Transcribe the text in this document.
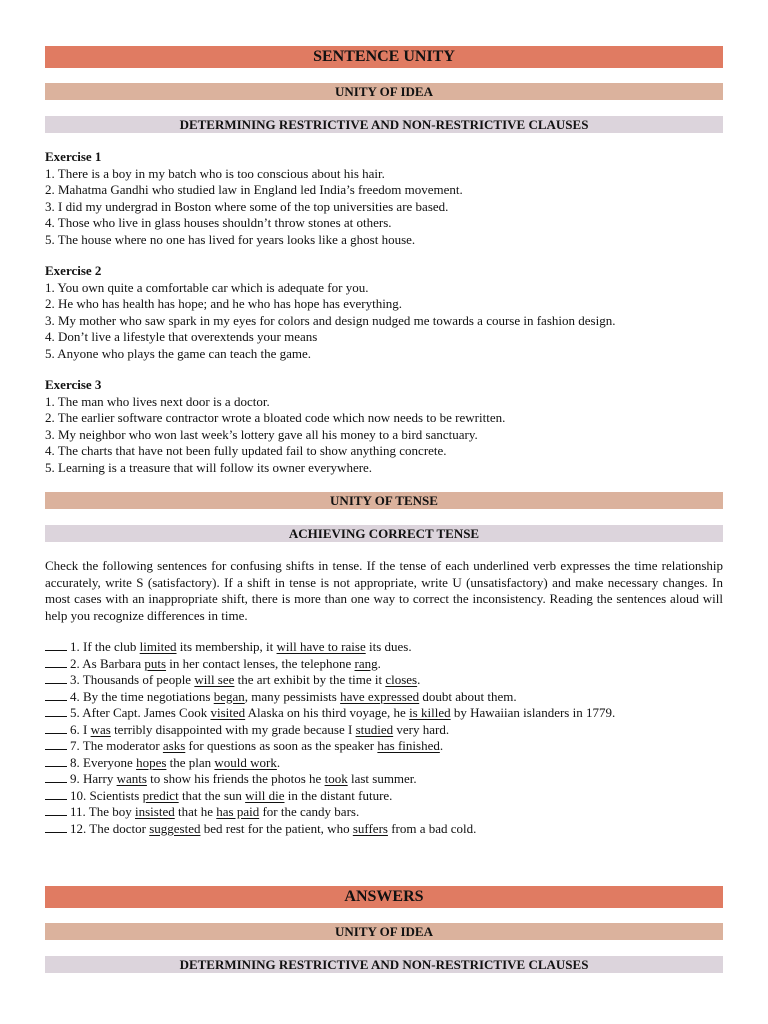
SENTENCE UNITY
UNITY OF IDEA
DETERMINING RESTRICTIVE AND NON-RESTRICTIVE CLAUSES
Exercise 1
1. There is a boy in my batch who is too conscious about his hair.
2. Mahatma Gandhi who studied law in England led India’s freedom movement.
3. I did my undergrad in Boston where some of the top universities are based.
4. Those who live in glass houses shouldn’t throw stones at others.
5. The house where no one has lived for years looks like a ghost house.
Exercise 2
1. You own quite a comfortable car which is adequate for you.
2. He who has health has hope; and he who has hope has everything.
3. My mother who saw spark in my eyes for colors and design nudged me towards a course in fashion design.
4. Don’t live a lifestyle that overextends your means
5. Anyone who plays the game can teach the game.
Exercise 3
1. The man who lives next door is a doctor.
2. The earlier software contractor wrote a bloated code which now needs to be rewritten.
3. My neighbor who won last week’s lottery gave all his money to a bird sanctuary.
4. The charts that have not been fully updated fail to show anything concrete.
5. Learning is a treasure that will follow its owner everywhere.
UNITY OF TENSE
ACHIEVING CORRECT TENSE
Check the following sentences for confusing shifts in tense. If the tense of each underlined verb expresses the time relationship accurately, write S (satisfactory). If a shift in tense is not appropriate, write U (unsatisfactory) and make necessary changes. In most cases with an inappropriate shift, there is more than one way to correct the inconsistency. Reading the sentences aloud will help you recognize differences in time.
1. If the club limited its membership, it will have to raise its dues.
2. As Barbara puts in her contact lenses, the telephone rang.
3. Thousands of people will see the art exhibit by the time it closes.
4. By the time negotiations began, many pessimists have expressed doubt about them.
5. After Capt. James Cook visited Alaska on his third voyage, he is killed by Hawaiian islanders in 1779.
6. I was terribly disappointed with my grade because I studied very hard.
7. The moderator asks for questions as soon as the speaker has finished.
8. Everyone hopes the plan would work.
9. Harry wants to show his friends the photos he took last summer.
10. Scientists predict that the sun will die in the distant future.
11. The boy insisted that he has paid for the candy bars.
12. The doctor suggested bed rest for the patient, who suffers from a bad cold.
ANSWERS
UNITY OF IDEA
DETERMINING RESTRICTIVE AND NON-RESTRICTIVE CLAUSES
